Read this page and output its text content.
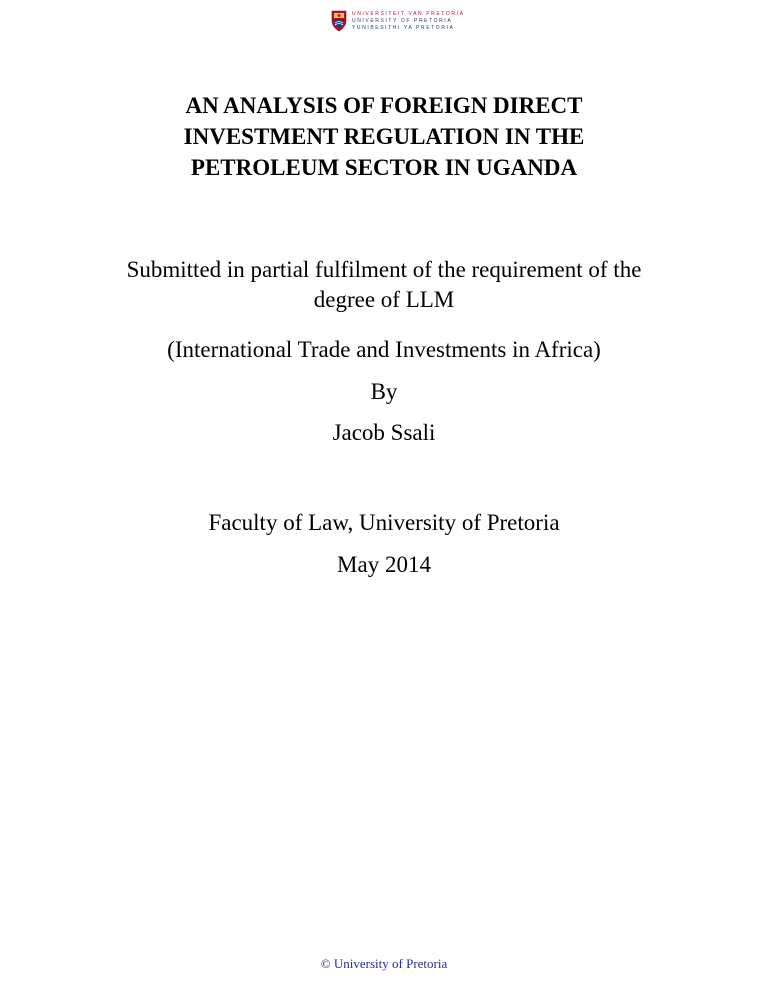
UNIVERSITEIT VAN PRETORIA
UNIVERSITY OF PRETORIA
YUNIBESITHI YA PRETORIA
AN ANALYSIS OF FOREIGN DIRECT
INVESTMENT REGULATION IN THE
PETROLEUM SECTOR IN UGANDA

Submitted in partial fulfilment of the requirement of the

degree of LLM

(International Trade and Investments in Africa)

By

Jacob Ssali

Faculty of Law, University of Pretoria

May 2014

© University of Pretoria
